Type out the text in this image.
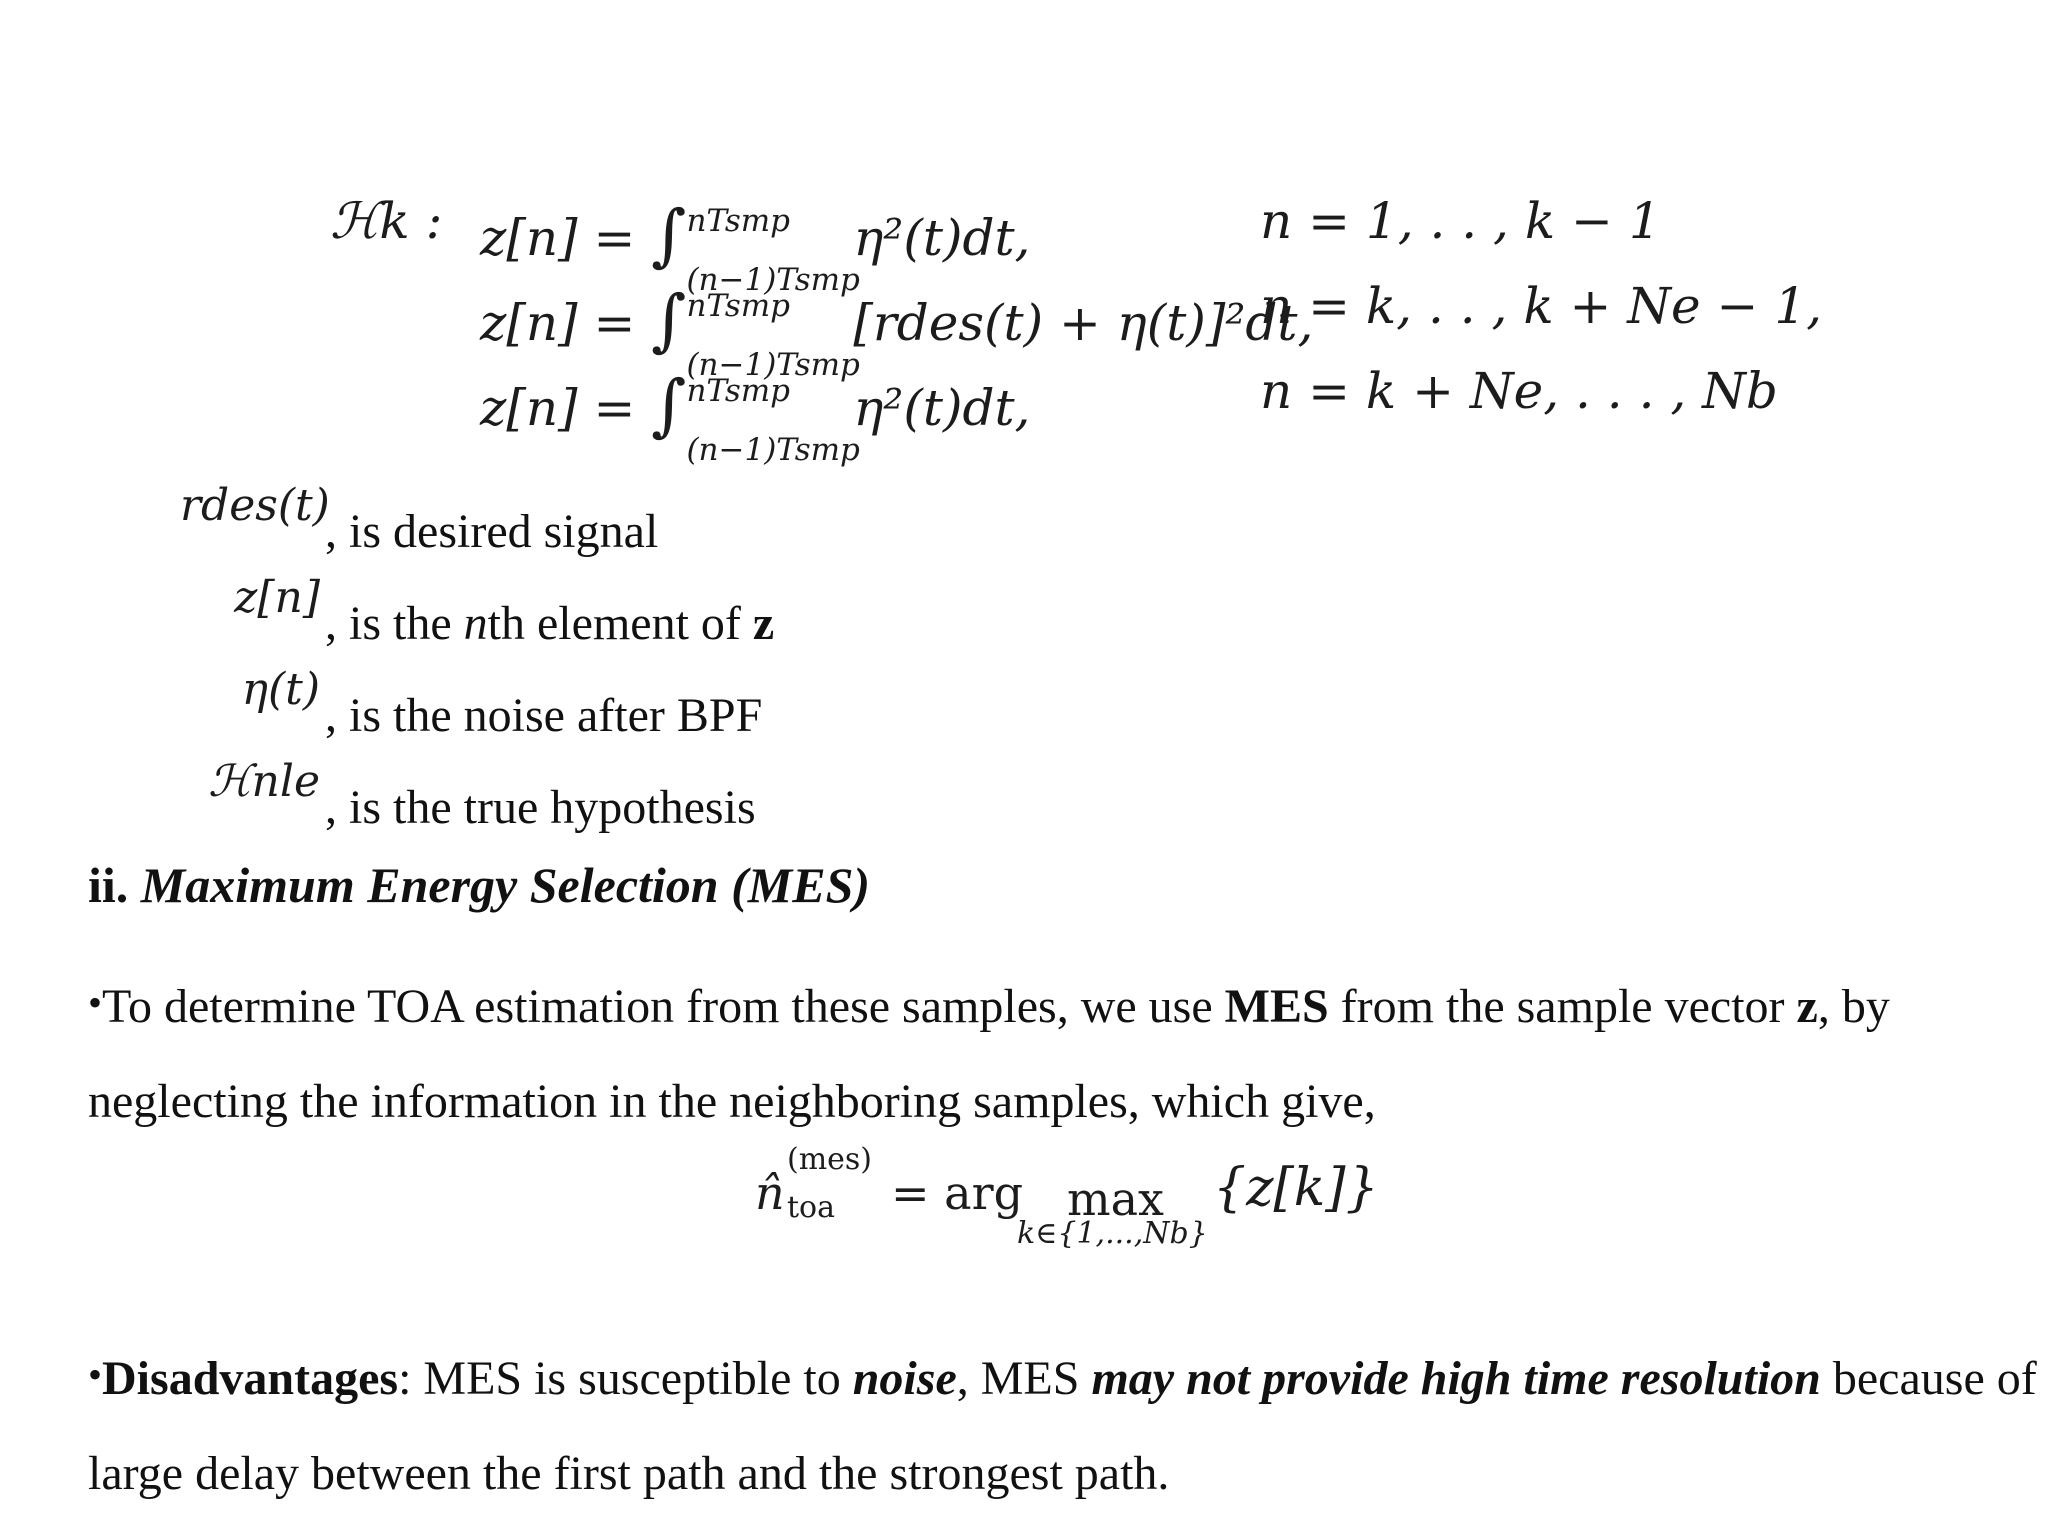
ℋk : z[n] = ∫ nTsmp
(n−1)Tsmp
η²(t)dt,	n = 1, . . , k − 1
z[n] = ∫ nTsmp
(n−1)Tsmp
[rdes(t) + η(t)]²dt,
n = k, . . , k + Ne − 1,
z[n] = ∫ nTsmp
(n−1)Tsmp
η²(t)dt,	n = k + Ne, . . . , Nb
rdes(t)
, is desired signal
z[n] , is the nth element of z
η(t) , is the noise after BPF
ℋnle , is the true hypothesis
ii. Maximum Energy Selection (MES)
•To determine TOA estimation from these samples, we use MES from the sample vector z, by neglecting the information in the neighboring samples, which give,
n̂
(mes)
toa = arg max
k∈{1,...,Nb}
{z[k]}
•Disadvantages: MES is susceptible to noise, MES may not provide high time resolution because of large delay between the first path and the strongest path.
